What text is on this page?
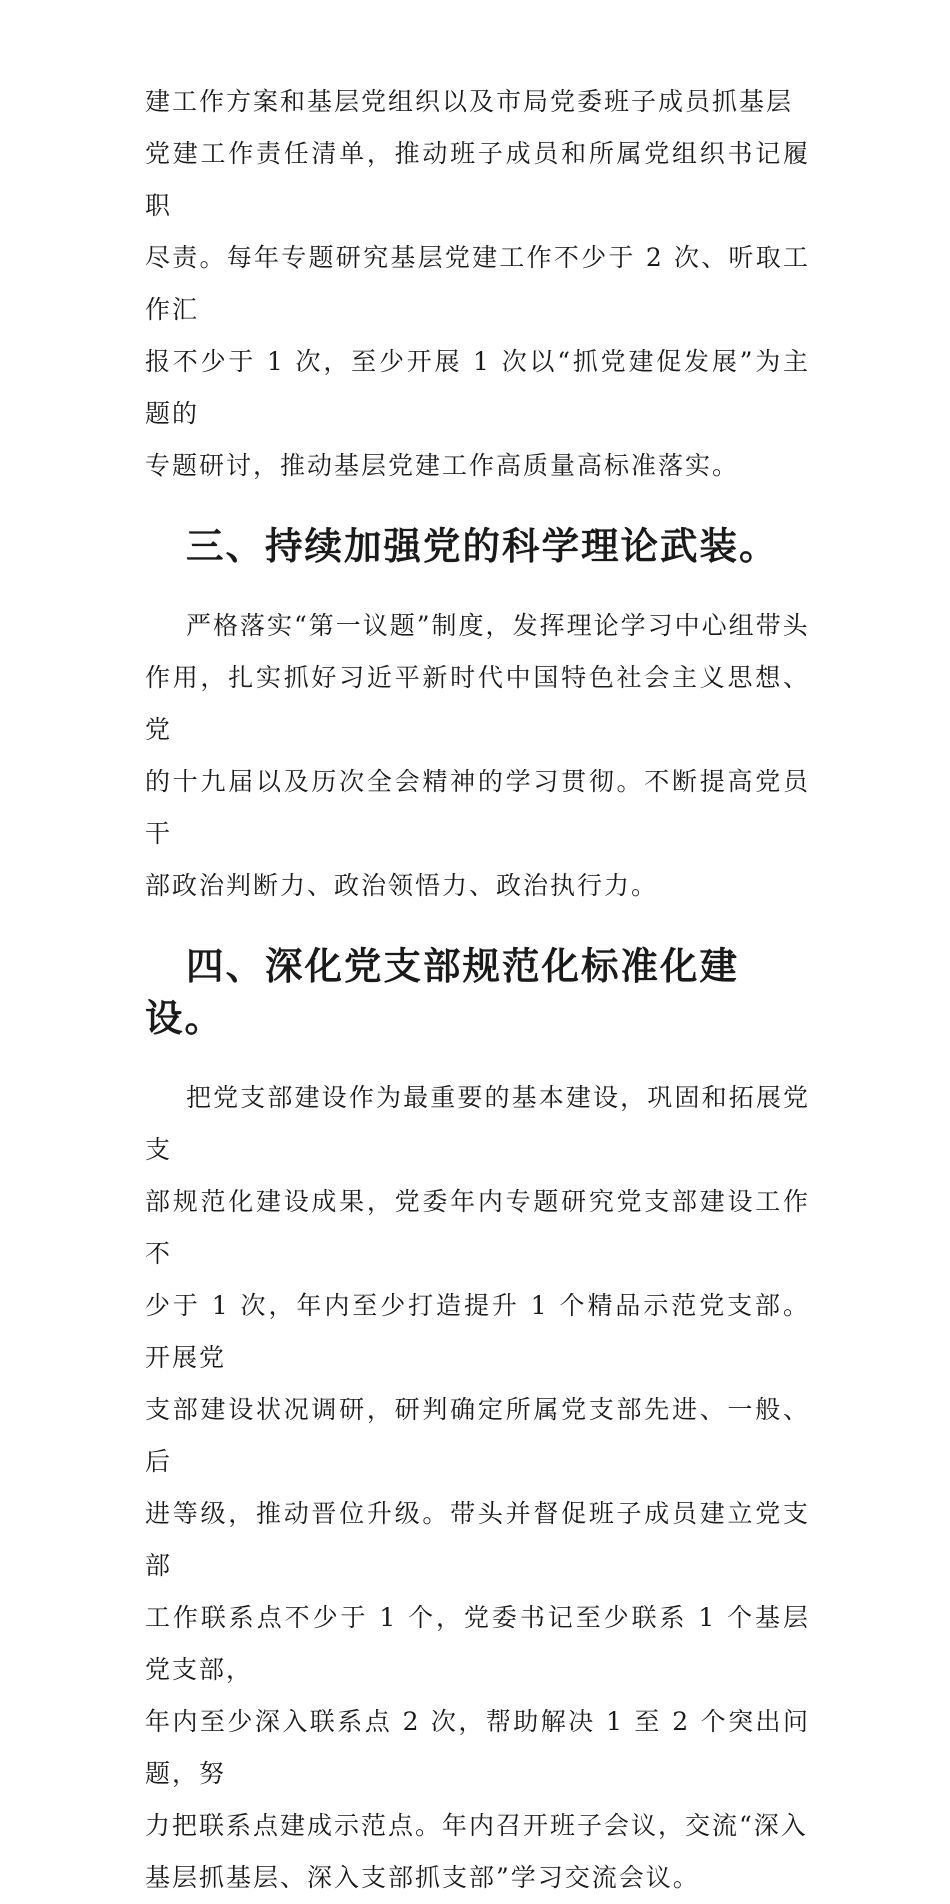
建工作方案和基层党组织以及市局党委班子成员抓基层

党建工作责任清单，推动班子成员和所属党组织书记履职

尽责。每年专题研究基层党建工作不少于 2 次、听取工作汇

报不少于 1 次，至少开展 1 次以“抓党建促发展”为主题的

专题研讨，推动基层党建工作高质量高标准落实。

三、持续加强党的科学理论武装。

严格落实“第一议题”制度，发挥理论学习中心组带头

作用，扎实抓好习近平新时代中国特色社会主义思想、党

的十九届以及历次全会精神的学习贯彻。不断提高党员干

部政治判断力、政治领悟力、政治执行力。

四、深化党支部规范化标准化建设。

把党支部建设作为最重要的基本建设，巩固和拓展党支

部规范化建设成果，党委年内专题研究党支部建设工作不

少于 1 次，年内至少打造提升 1 个精品示范党支部。开展党

支部建设状况调研，研判确定所属党支部先进、一般、后

进等级，推动晋位升级。带头并督促班子成员建立党支部

工作联系点不少于 1 个，党委书记至少联系 1 个基层党支部，

年内至少深入联系点 2 次，帮助解决 1 至 2 个突出问题，努

力把联系点建成示范点。年内召开班子会议，交流“深入

基层抓基层、深入支部抓支部”学习交流会议。
